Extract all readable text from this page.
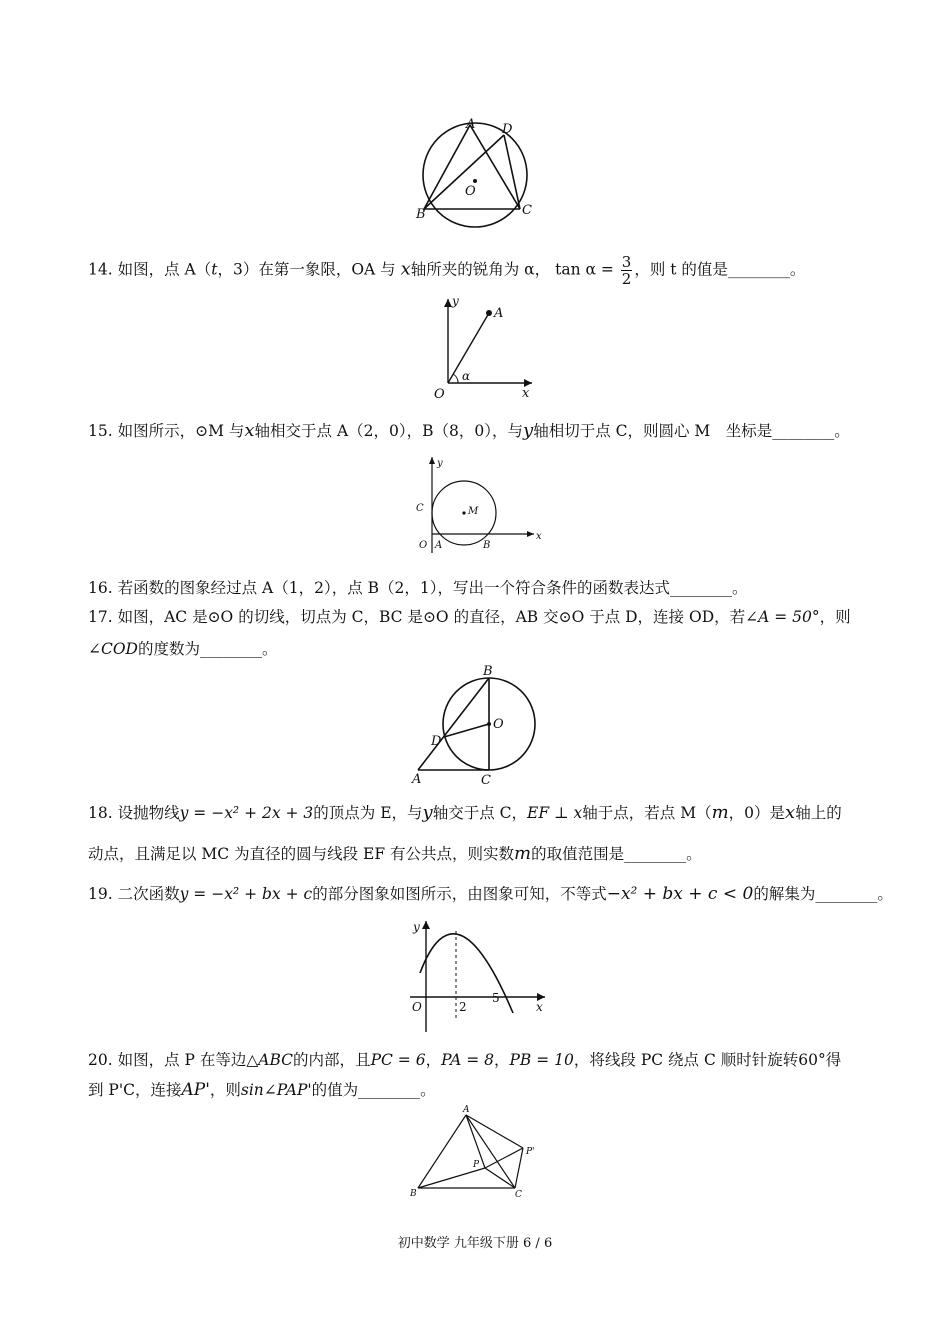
A D
O
B	C
14. 如图，点 A（t，3）在第一象限，OA 与 x轴所夹的锐角为 α， $\tan \alpha = \frac{3}{2}$ ，则 t 的值是________。
y
A
O
α
x
15. 如图所示，⊙M 与x轴相交于点 A（2，0），B（8，0），与y轴相切于点 C，则圆心 M　坐标是________。
y
C	M
O A	B
x
16. 若函数的图象经过点 A（1，2），点 B（2，1），写出一个符合条件的函数表达式________。
17. 如图，AC 是⊙O 的切线，切点为 C，BC 是⊙O 的直径，AB 交⊙O 于点 D，连接 OD，若∠A = 50°，则
∠COD的度数为________。
B
O
D
A	C
18. 设抛物线y = −x² + 2x + 3的顶点为 E，与y轴交于点 C，EF ⊥ x轴于点，若点 M（m，0）是x轴上的
动点，且满足以 MC 为直径的圆与线段 EF 有公共点，则实数m的取值范围是________。
19. 二次函数y = −x² + bx + c的部分图象如图所示，由图象可知，不等式−x² + bx + c < 0的解集为________。
y
O	2
5
x
20. 如图，点 P 在等边△ABC的内部，且PC = 6，PA = 8，PB = 10，将线段 PC 绕点 C 顺时针旋转60°得
到 P'C，连接AP'，则sin∠PAP'的值为________。
A
P'
P
B	C
初中数学 九年级下册 6 / 6
